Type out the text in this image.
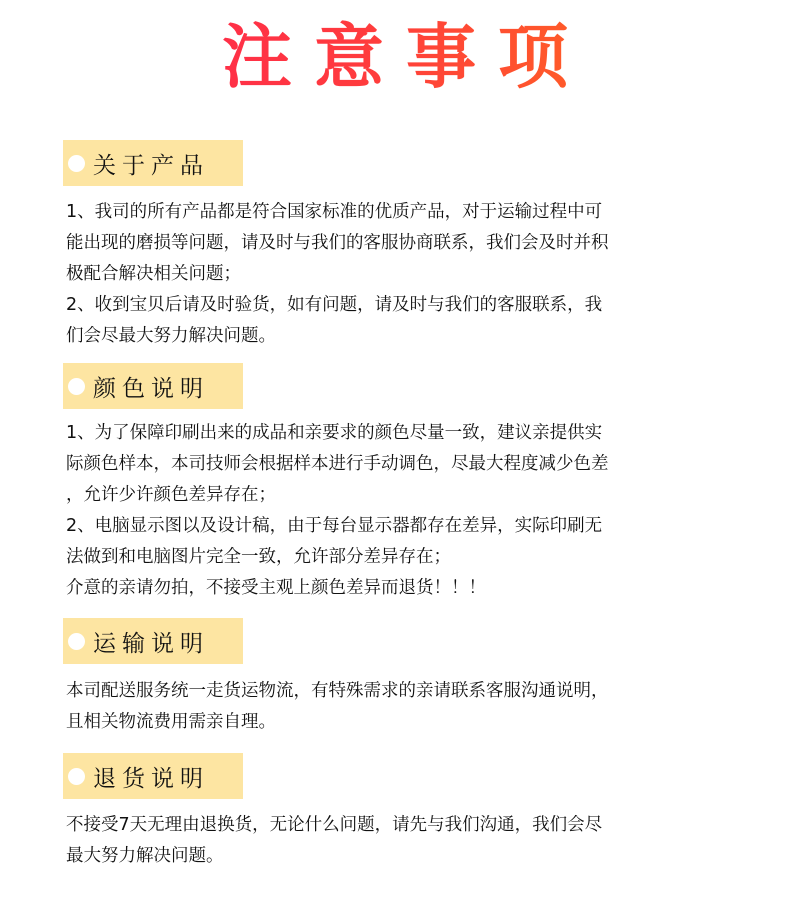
注意事项
关于产品

1、我司的所有产品都是符合国家标准的优质产品，对于运输过程中可

能出现的磨损等问题，请及时与我们的客服协商联系，我们会及时并积

极配合解决相关问题；

2、收到宝贝后请及时验货，如有问题，请及时与我们的客服联系，我

们会尽最大努力解决问题。

颜色说明

1、为了保障印刷出来的成品和亲要求的颜色尽量一致，建议亲提供实

际颜色样本，本司技师会根据样本进行手动调色，尽最大程度减少色差

，允许少许颜色差异存在；

2、电脑显示图以及设计稿，由于每台显示器都存在差异，实际印刷无

法做到和电脑图片完全一致，允许部分差异存在；

介意的亲请勿拍，不接受主观上颜色差异而退货！！！

运输说明

本司配送服务统一走货运物流，有特殊需求的亲请联系客服沟通说明，

且相关物流费用需亲自理。

退货说明

不接受7天无理由退换货，无论什么问题，请先与我们沟通，我们会尽

最大努力解决问题。
